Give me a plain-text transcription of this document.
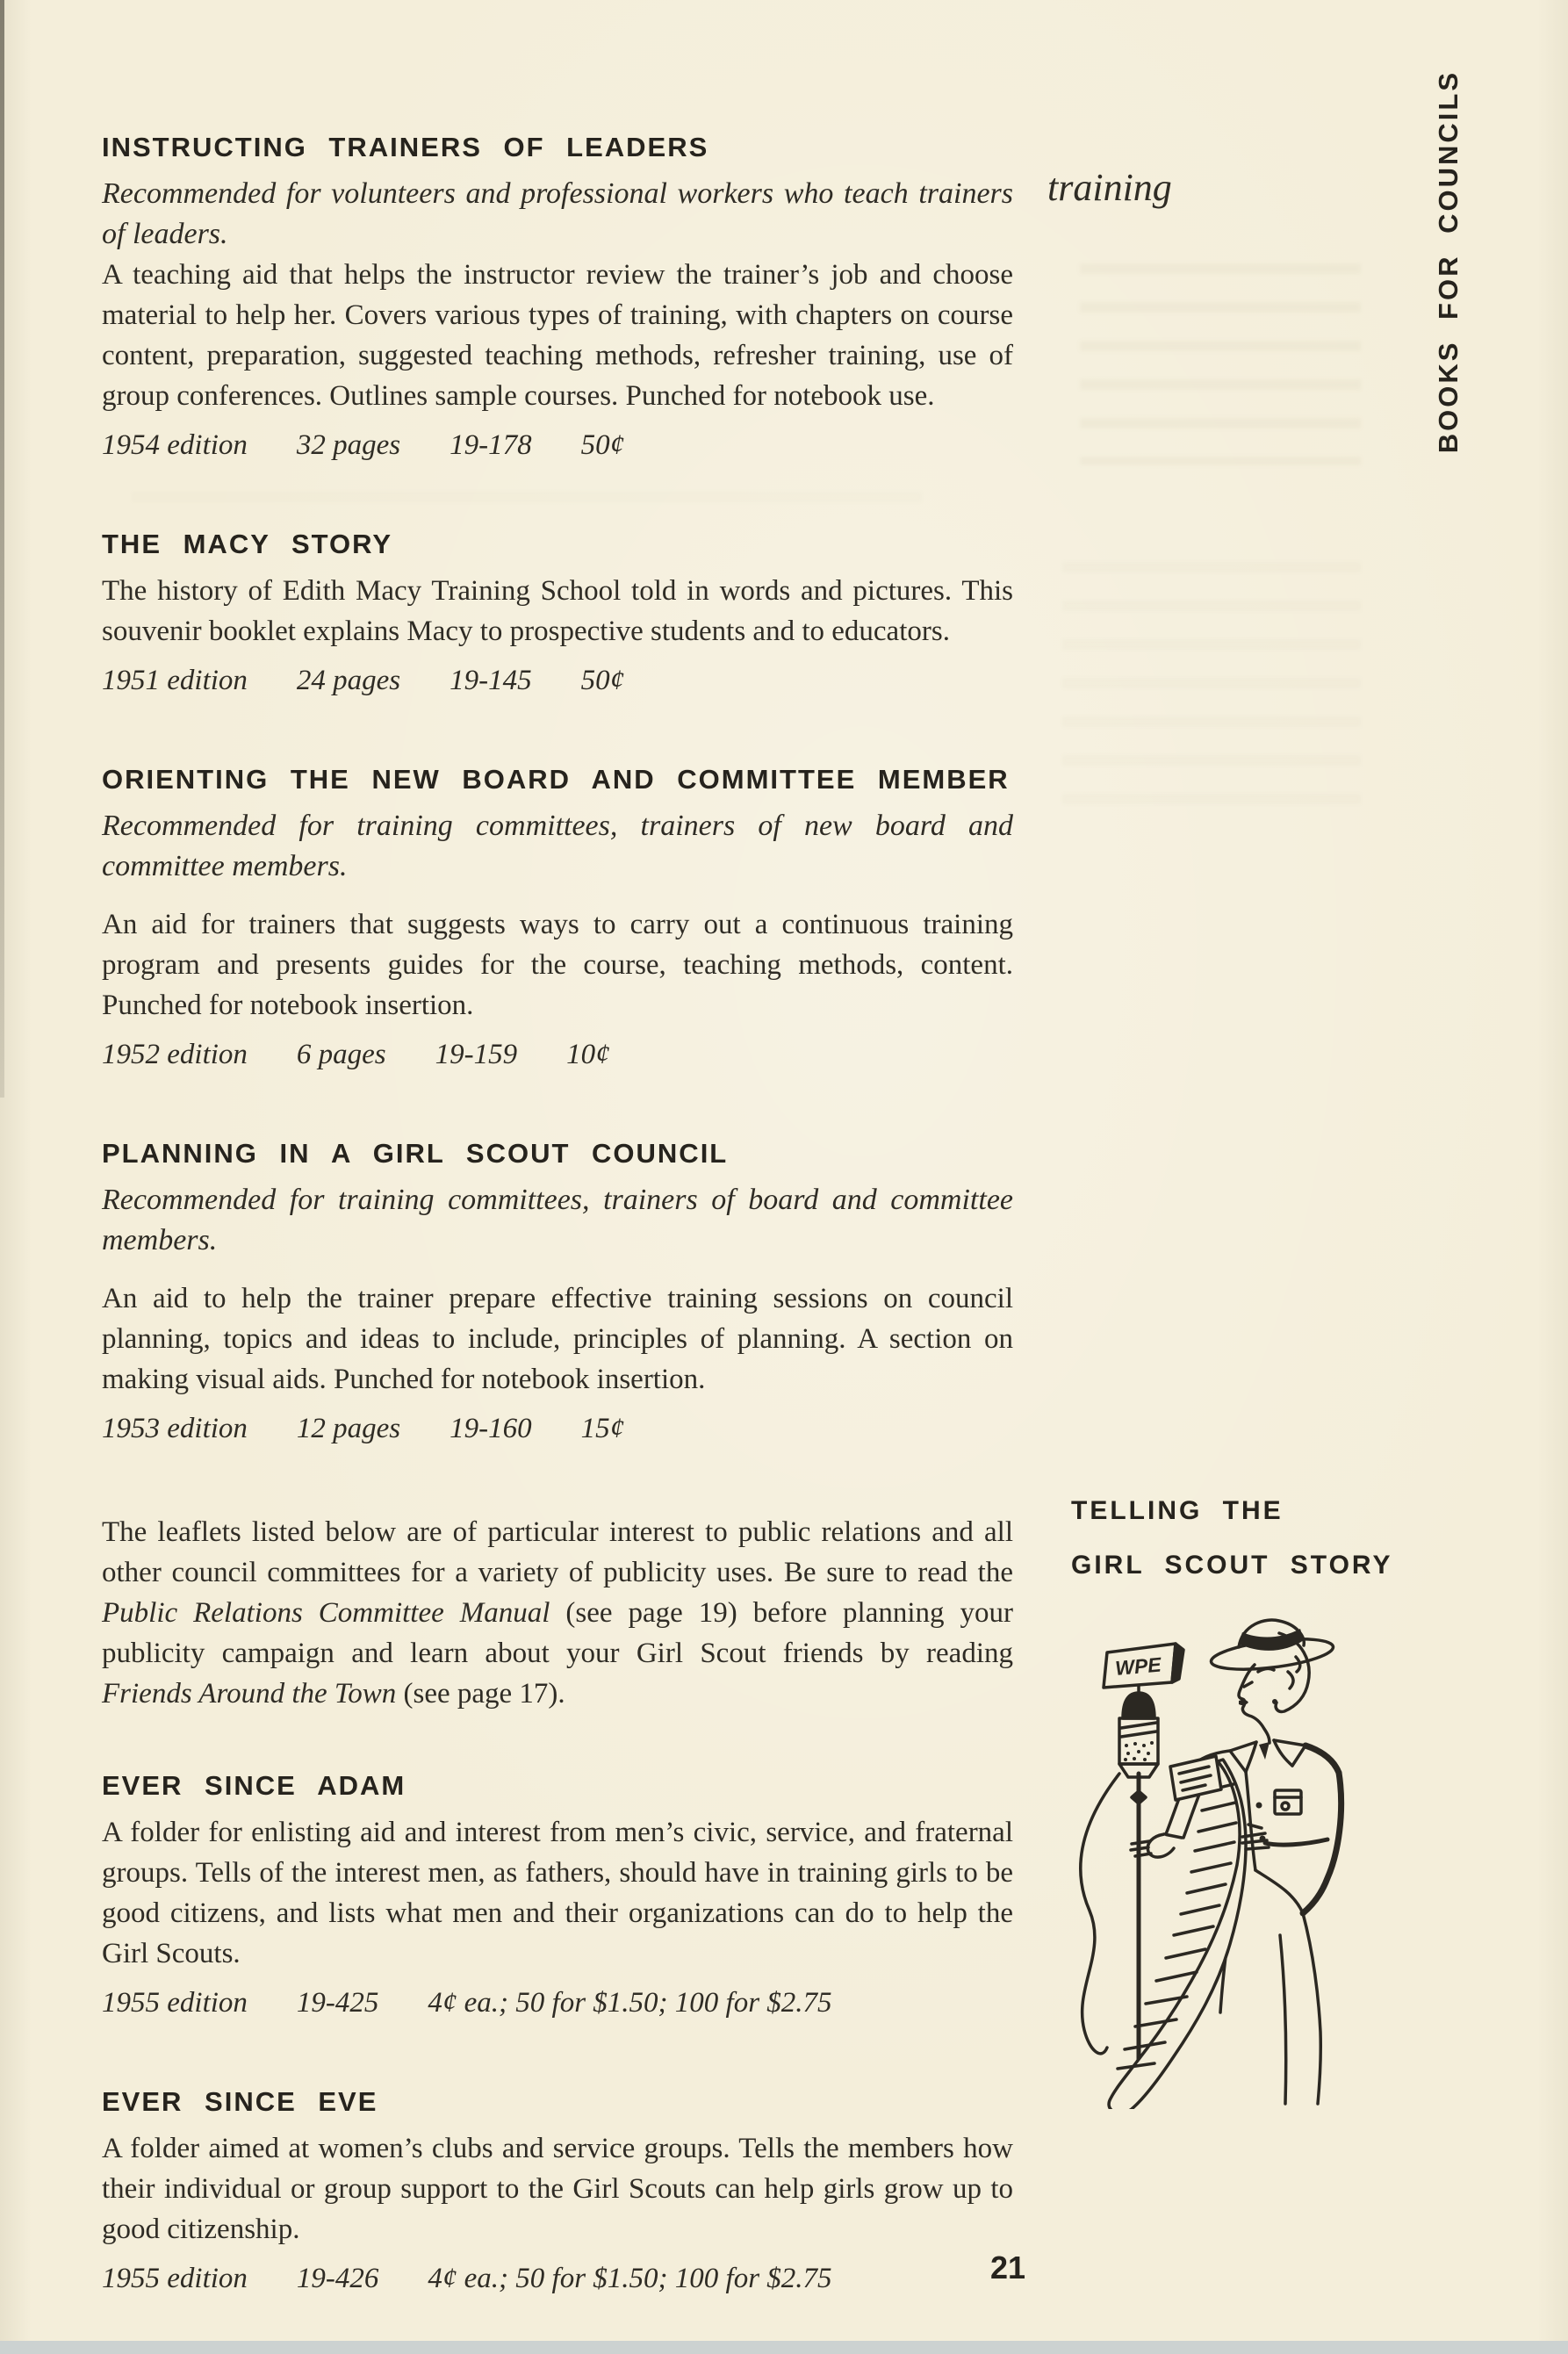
BOOKS FOR COUNCILS
training
INSTRUCTING TRAINERS OF LEADERS

Recommended for volunteers and professional workers who teach trainers of leaders.

A teaching aid that helps the instructor review the trainer’s job and choose material to help her. Covers various types of training, with chapters on course content, preparation, suggested teaching methods, refresher training, use of group conferences. Outlines sample courses. Punched for notebook use.

1954 edition 32 pages 19-178 50¢
THE MACY STORY

The history of Edith Macy Training School told in words and pictures. This souvenir booklet explains Macy to prospective students and to educators.

1951 edition 24 pages 19-145 50¢
ORIENTING THE NEW BOARD AND COMMITTEE MEMBER

Recommended for training committees, trainers of new board and committee members.

An aid for trainers that suggests ways to carry out a continuous training program and presents guides for the course, teaching methods, content. Punched for notebook insertion.

1952 edition 6 pages 19-159 10¢
PLANNING IN A GIRL SCOUT COUNCIL

Recommended for training committees, trainers of board and committee members.

An aid to help the trainer prepare effective training sessions on council planning, topics and ideas to include, principles of planning. A section on making visual aids. Punched for notebook insertion.

1953 edition 12 pages 19-160 15¢

The leaflets listed below are of particular interest to public relations and all other council committees for a variety of publicity uses. Be sure to read the Public Relations Committee Manual (see page 19) before planning your publicity campaign and learn about your Girl Scout friends by reading Friends Around the Town (see page 17).

EVER SINCE ADAM

A folder for enlisting aid and interest from men’s civic, service, and fraternal groups. Tells of the interest men, as fathers, should have in training girls to be good citizens, and lists what men and their organizations can do to help the Girl Scouts.

1955 edition 19-425 4¢ ea.; 50 for $1.50; 100 for $2.75
EVER SINCE EVE

A folder aimed at women’s clubs and service groups. Tells the members how their individual or group support to the Girl Scouts can help girls grow up to good citizenship.

1955 edition 19-426 4¢ ea.; 50 for $1.50; 100 for $2.75
TELLING THE
GIRL SCOUT STORY
WPE
21
